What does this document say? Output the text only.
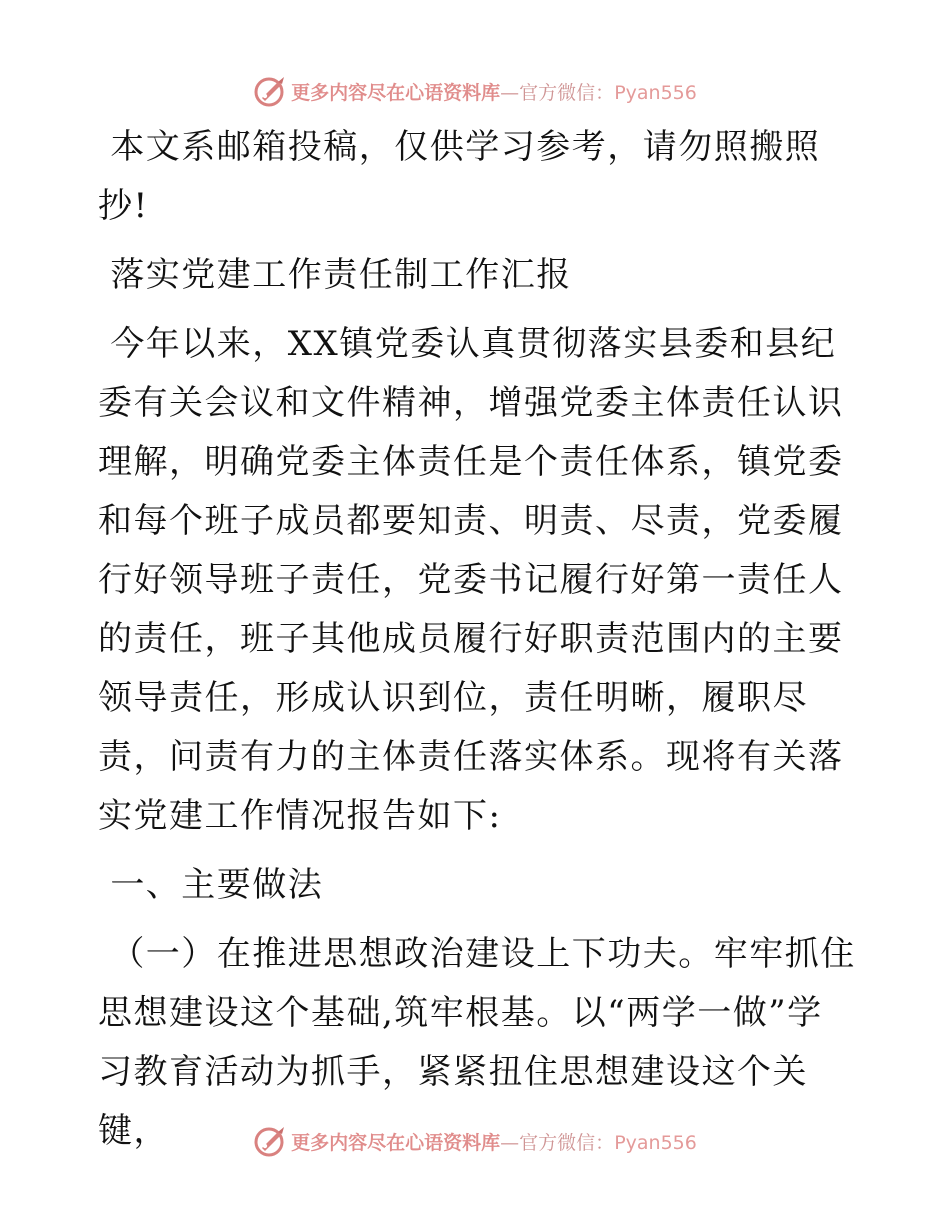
更多内容尽在心语资料库—官方微信：Pyan556

本文系邮箱投稿，仅供学习参考，请勿照搬照
抄!

落实党建工作责任制工作汇报

今年以来，XX镇党委认真贯彻落实县委和县纪委有关会议和文件精神，增强党委主体责任认识理解，明确党委主体责任是个责任体系，镇党委和每个班子成员都要知责、明责、尽责，党委履行好领导班子责任，党委书记履行好第一责任人的责任，班子其他成员履行好职责范围内的主要领导责任，形成认识到位，责任明晰，履职尽责，问责有力的主体责任落实体系。现将有关落实党建工作情况报告如下:

一、主要做法

（一）在推进思想政治建设上下功夫。牢牢抓住思想建设这个基础,筑牢根基。以“两学一做”学习教育活动为抓手，紧紧扭住思想建设这个关键，	更多内容尽在心语资料库—官方微信：Pyan556
